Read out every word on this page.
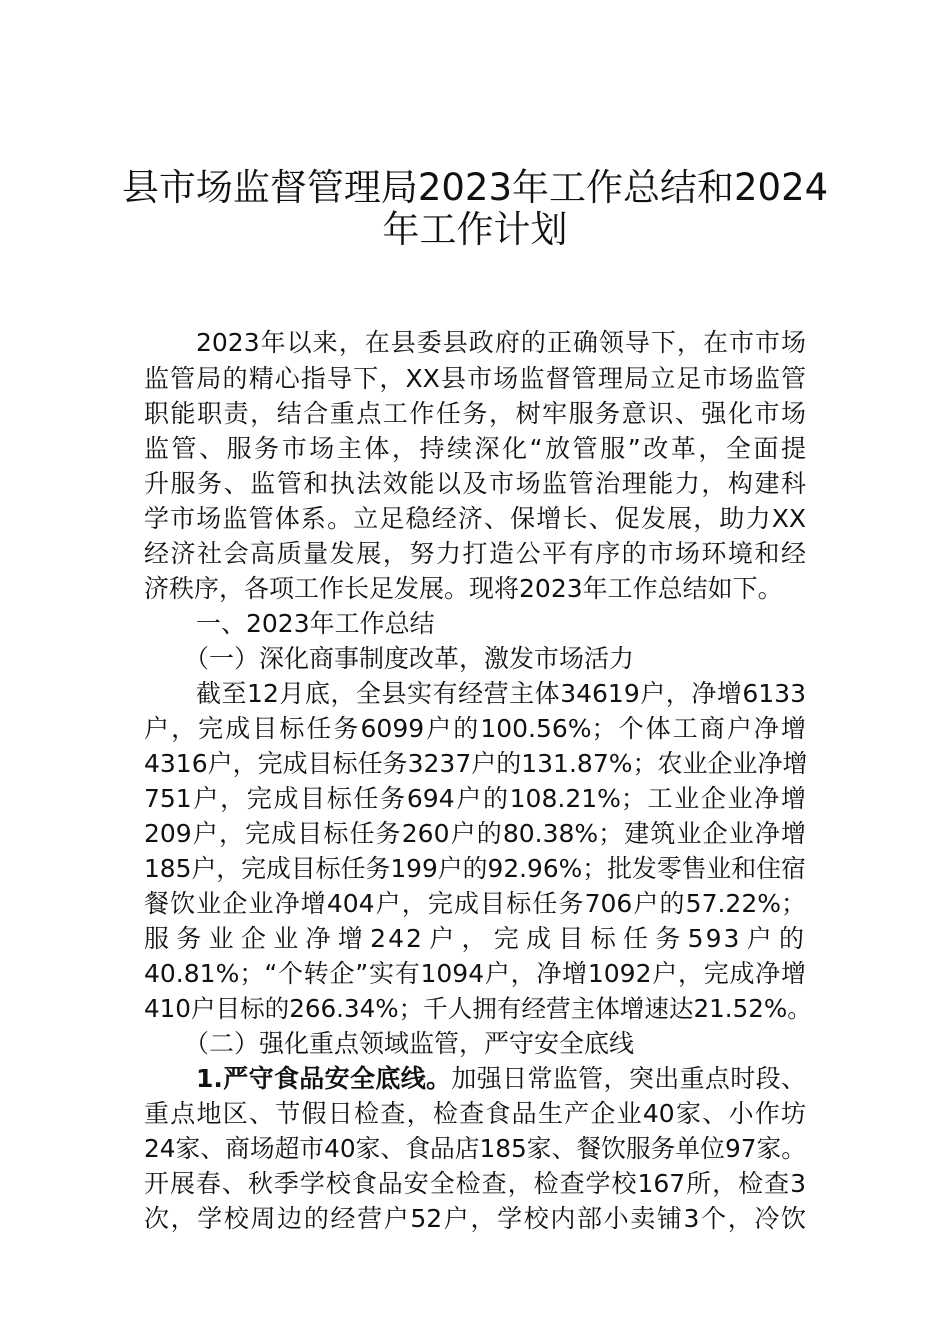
县市场监督管理局2023年工作总结和2024
年工作计划
2023年以来，在县委县政府的正确领导下，在市市场
监管局的精心指导下，XX县市场监督管理局立足市场监管
职能职责，结合重点工作任务，树牢服务意识、强化市场
监管、服务市场主体，持续深化“放管服”改革，全面提
升服务、监管和执法效能以及市场监管治理能力，构建科
学市场监管体系。立足稳经济、保增长、促发展，助力XX
经济社会高质量发展，努力打造公平有序的市场环境和经
济秩序，各项工作长足发展。现将2023年工作总结如下。
一、2023年工作总结
（一）深化商事制度改革，激发市场活力
截至12月底，全县实有经营主体34619户，净增6133
户，完成目标任务6099户的100.56%；个体工商户净增
4316户，完成目标任务3237户的131.87%；农业企业净增
751户，完成目标任务694户的108.21%；工业企业净增
209户，完成目标任务260户的80.38%；建筑业企业净增
185户，完成目标任务199户的92.96%；批发零售业和住宿
餐饮业企业净增404户，完成目标任务706户的57.22%；
服务业企业净增242户，完成目标任务593户的
40.81%；“个转企”实有1094户，净增1092户，完成净增
410户目标的266.34%；千人拥有经营主体增速达21.52%。
（二）强化重点领域监管，严守安全底线
1.严守食品安全底线。加强日常监管，突出重点时段、
重点地区、节假日检查，检查食品生产企业40家、小作坊
24家、商场超市40家、食品店185家、餐饮服务单位97家。
开展春、秋季学校食品安全检查，检查学校167所，检查3
次，学校周边的经营户52户，学校内部小卖铺3个，冷饮
